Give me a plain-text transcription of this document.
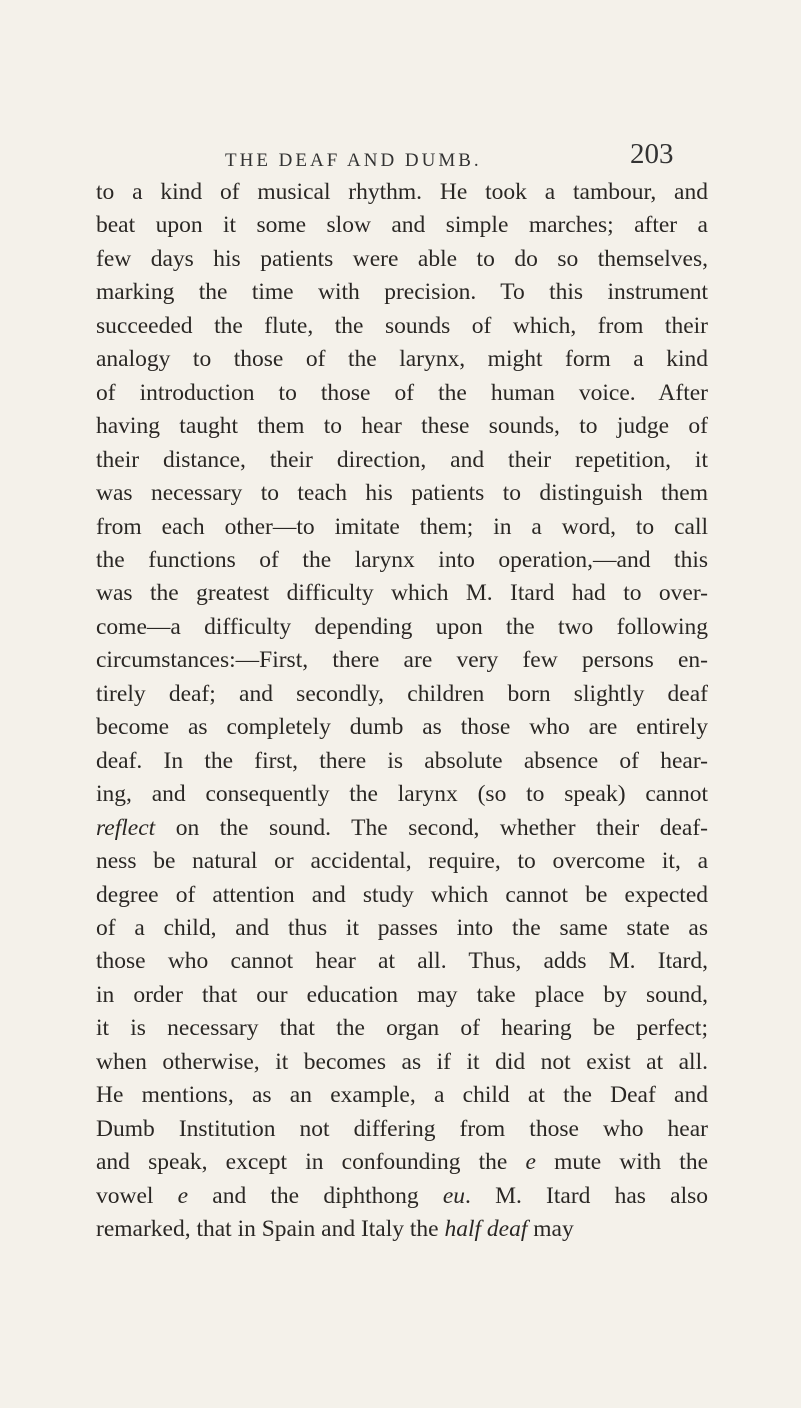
THE DEAF AND DUMB.	203
to a kind of musical rhythm. He took a tambour, and
beat upon it some slow and simple marches; after a
few days his patients were able to do so themselves,
marking the time with precision. To this instrument
succeeded the flute, the sounds of which, from their
analogy to those of the larynx, might form a kind
of introduction to those of the human voice. After
having taught them to hear these sounds, to judge of
their distance, their direction, and their repetition, it
was necessary to teach his patients to distinguish them
from each other—to imitate them; in a word, to call
the functions of the larynx into operation,—and this
was the greatest difficulty which M. Itard had to over-
come—a difficulty depending upon the two following
circumstances:—First, there are very few persons en-
tirely deaf; and secondly, children born slightly deaf
become as completely dumb as those who are entirely
deaf. In the first, there is absolute absence of hear-
ing, and consequently the larynx (so to speak) cannot
reflect on the sound. The second, whether their deaf-
ness be natural or accidental, require, to overcome it, a
degree of attention and study which cannot be expected
of a child, and thus it passes into the same state as
those who cannot hear at all. Thus, adds M. Itard,
in order that our education may take place by sound,
it is necessary that the organ of hearing be perfect;
when otherwise, it becomes as if it did not exist at all.
He mentions, as an example, a child at the Deaf and
Dumb Institution not differing from those who hear
and speak, except in confounding the e mute with the
vowel e and the diphthong eu. M. Itard has also
remarked, that in Spain and Italy the half deaf may
